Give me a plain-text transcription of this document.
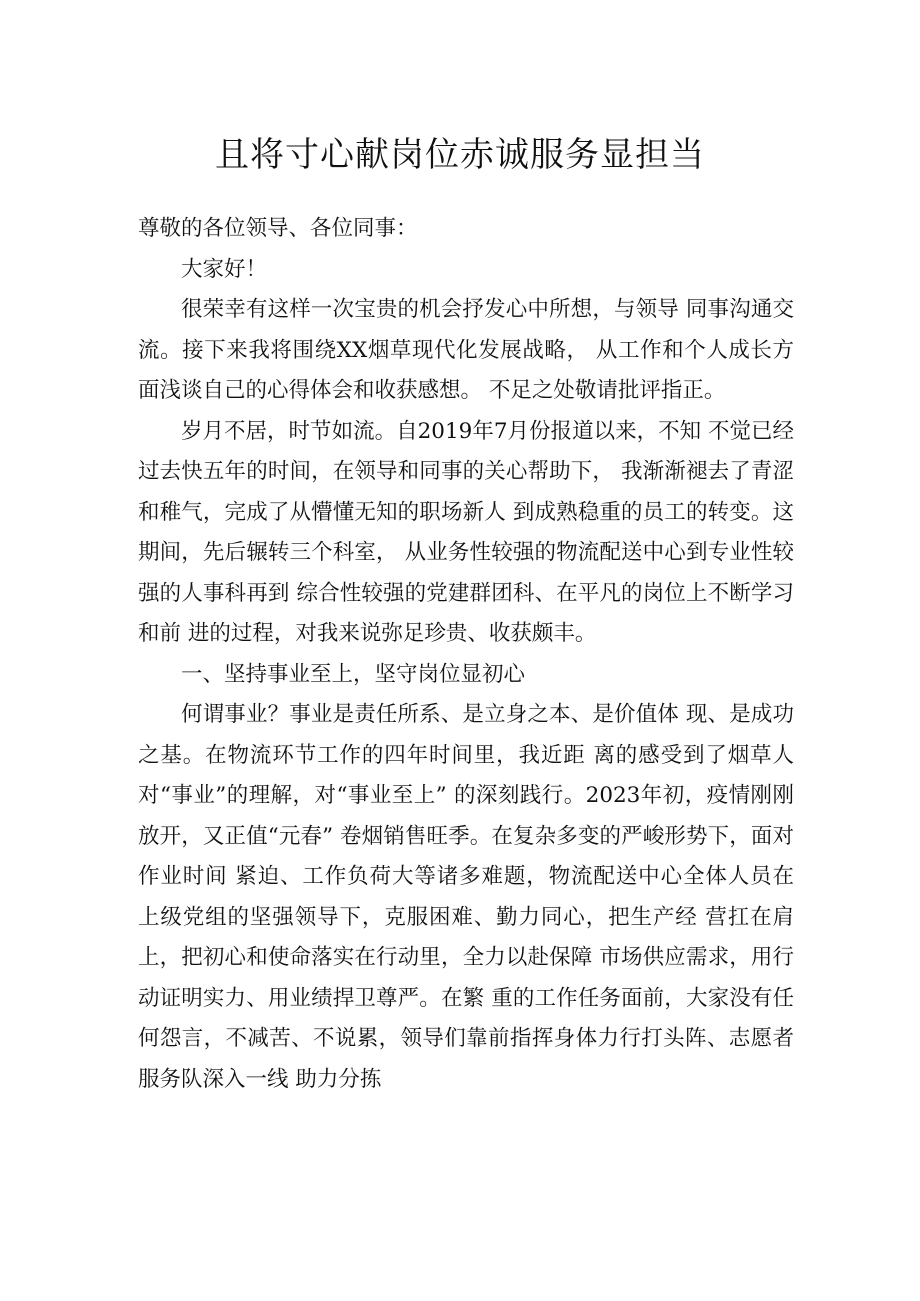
且将寸心献岗位赤诚服务显担当

尊敬的各位领导、各位同事：

大家好！

很荣幸有这样一次宝贵的机会抒发心中所想，与领导 同事沟通交流。接下来我将围绕XX烟草现代化发展战略， 从工作和个人成长方面浅谈自己的心得体会和收获感想。 不足之处敬请批评指正。

岁月不居，时节如流。自2019年7月份报道以来，不知 不觉已经过去快五年的时间，在领导和同事的关心帮助下， 我渐渐褪去了青涩和稚气，完成了从懵懂无知的职场新人 到成熟稳重的员工的转变。这期间，先后辗转三个科室， 从业务性较强的物流配送中心到专业性较强的人事科再到 综合性较强的党建群团科、在平凡的岗位上不断学习和前 进的过程，对我来说弥足珍贵、收获颇丰。

一、坚持事业至上，坚守岗位显初心

何谓事业？事业是责任所系、是立身之本、是价值体 现、是成功之基。在物流环节工作的四年时间里，我近距 离的感受到了烟草人对“事业”的理解，对“事业至上” 的深刻践行。2023年初，疫情刚刚放开，又正值“元春” 卷烟销售旺季。在复杂多变的严峻形势下，面对作业时间 紧迫、工作负荷大等诸多难题，物流配送中心全体人员在 上级党组的坚强领导下，克服困难、勤力同心，把生产经 营扛在肩上，把初心和使命落实在行动里，全力以赴保障 市场供应需求，用行动证明实力、用业绩捍卫尊严。在繁 重的工作任务面前，大家没有任何怨言，不减苦、不说累，领导们靠前指挥身体力行打头阵、志愿者服务队深入一线 助力分拣
